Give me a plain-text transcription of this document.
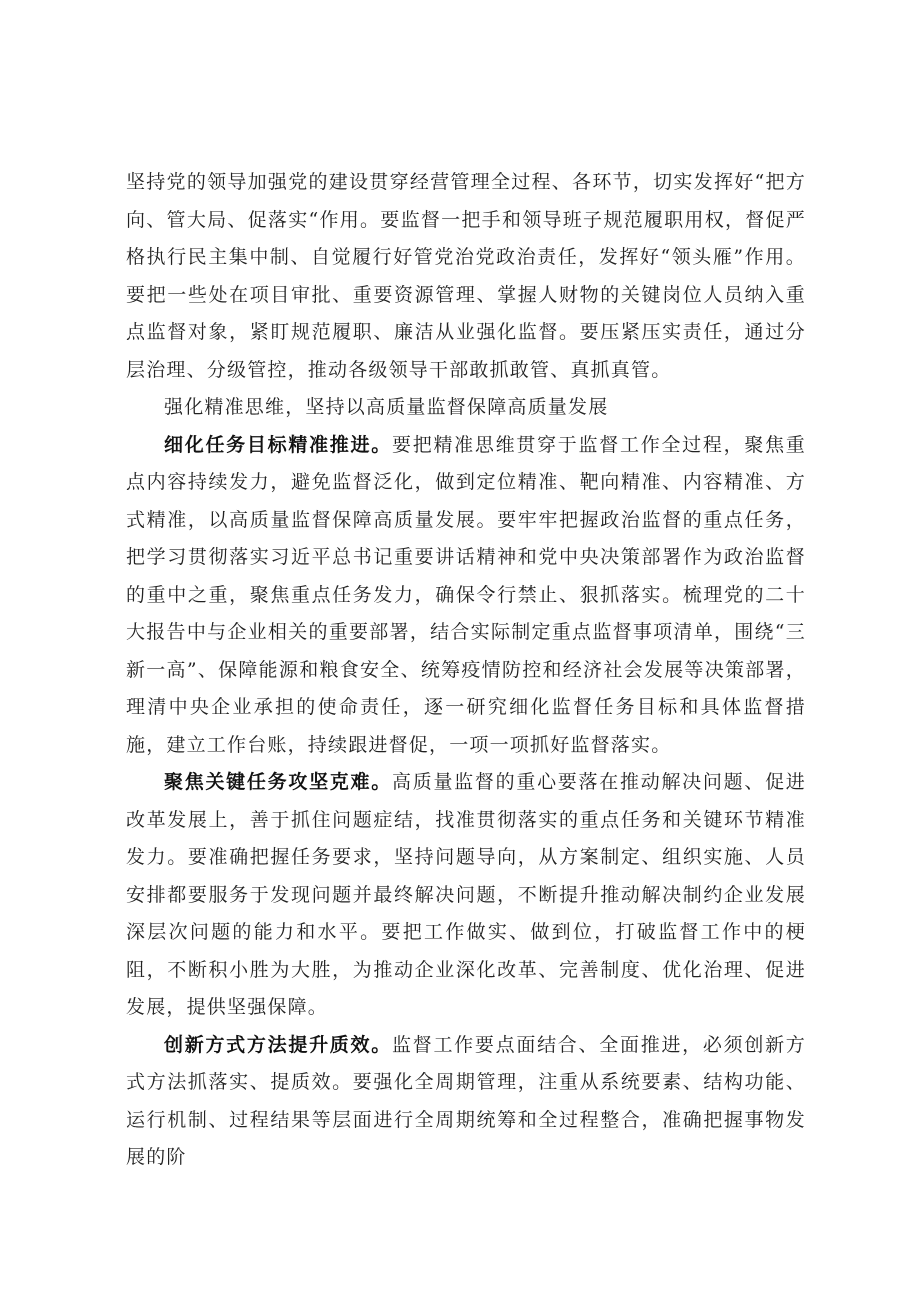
坚持党的领导加强党的建设贯穿经营管理全过程、各环节，切实发挥好“把方向、管大局、促落实“作用。要监督一把手和领导班子规范履职用权，督促严格执行民主集中制、自觉履行好管党治党政治责任，发挥好“领头雁”作用。要把一些处在项目审批、重要资源管理、掌握人财物的关键岗位人员纳入重点监督对象，紧盯规范履职、廉洁从业强化监督。要压紧压实责任，通过分层治理、分级管控，推动各级领导干部敢抓敢管、真抓真管。

强化精准思维，坚持以高质量监督保障高质量发展

细化任务目标精准推进。要把精准思维贯穿于监督工作全过程，聚焦重点内容持续发力，避免监督泛化，做到定位精准、靶向精准、内容精准、方式精准，以高质量监督保障高质量发展。要牢牢把握政治监督的重点任务，把学习贯彻落实习近平总书记重要讲话精神和党中央决策部署作为政治监督的重中之重，聚焦重点任务发力，确保令行禁止、狠抓落实。梳理党的二十大报告中与企业相关的重要部署，结合实际制定重点监督事项清单，围绕“三新一高”、保障能源和粮食安全、统筹疫情防控和经济社会发展等决策部署，理清中央企业承担的使命责任，逐一研究细化监督任务目标和具体监督措施，建立工作台账，持续跟进督促，一项一项抓好监督落实。

聚焦关键任务攻坚克难。高质量监督的重心要落在推动解决问题、促进改革发展上，善于抓住问题症结，找准贯彻落实的重点任务和关键环节精准发力。要准确把握任务要求，坚持问题导向，从方案制定、组织实施、人员安排都要服务于发现问题并最终解决问题，不断提升推动解决制约企业发展深层次问题的能力和水平。要把工作做实、做到位，打破监督工作中的梗阻，不断积小胜为大胜，为推动企业深化改革、完善制度、优化治理、促进发展，提供坚强保障。

创新方式方法提升质效。监督工作要点面结合、全面推进，必须创新方式方法抓落实、提质效。要强化全周期管理，注重从系统要素、结构功能、运行机制、过程结果等层面进行全周期统筹和全过程整合，准确把握事物发展的阶
